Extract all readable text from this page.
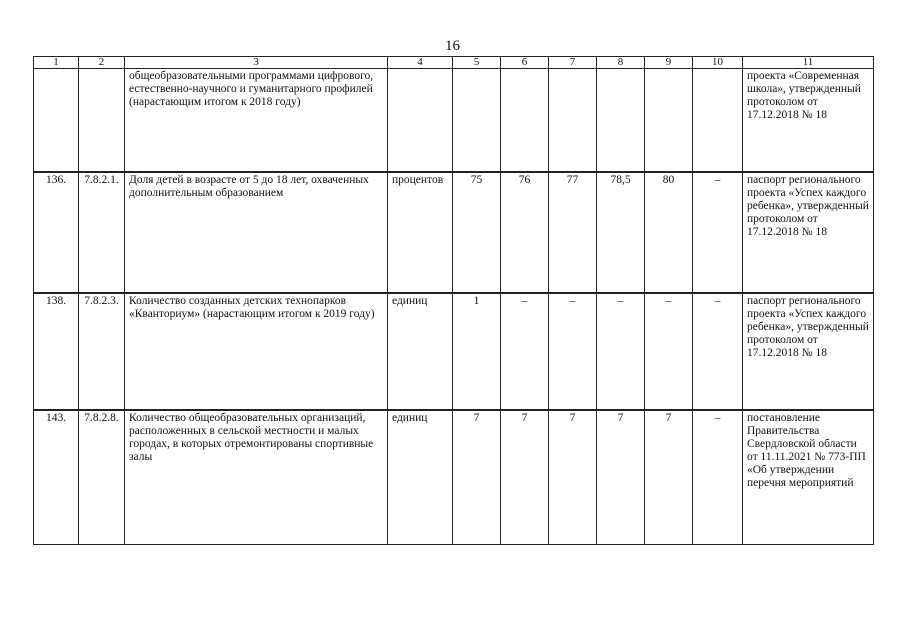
16
1	2	3	4	5	6	7	8	9	10	11
		общеобразовательными программами цифрового, естественно-научного и гуманитарного профилей (нарастающим итогом к 2018 году)								проекта «Современная школа», утвержденный протоколом от 17.12.2018 № 18
136.	7.8.2.1.	Доля детей в возрасте от 5 до 18 лет, охваченных дополнительным образованием	процентов	75	76	77	78,5	80	–	паспорт регионального проекта «Успех каждого ребенка», утвержденный протоколом от 17.12.2018 № 18
138.	7.8.2.3.	Количество созданных детских технопарков «Кванториум» (нарастающим итогом к 2019 году)	единиц	1	–	–	–	–	–	паспорт регионального проекта «Успех каждого ребенка», утвержденный протоколом от 17.12.2018 № 18
143.	7.8.2.8.	Количество общеобразовательных организаций, расположенных в сельской местности и малых городах, в которых отремонтированы спортивные залы	единиц	7	7	7	7	7	–	постановление Правительства Свердловской области от 11.11.2021 № 773-ПП «Об утверждении перечня мероприятий
